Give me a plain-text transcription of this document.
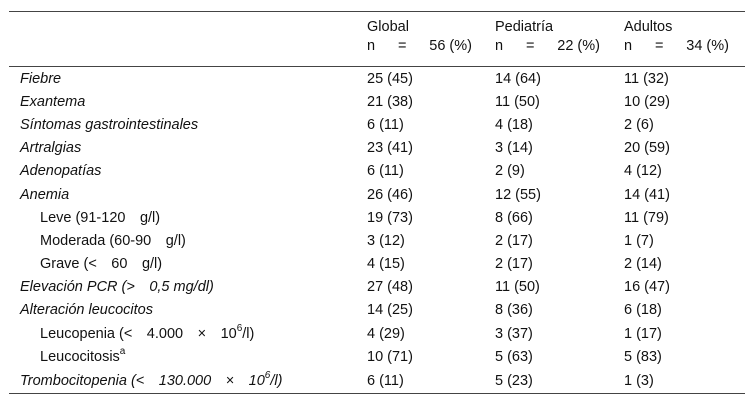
	Global	Pediatría	Adultos

	n = 56 (%)	n = 22 (%)	n = 34 (%)

Fiebre	25 (45)	14 (64)	11 (32)
Exantema	21 (38)	11 (50)	10 (29)
Síntomas gastrointestinales	6 (11)	4 (18)	2 (6)
Artralgias	23 (41)	3 (14)	20 (59)
Adenopatías	6 (11)	2 (9)	4 (12)
Anemia	26 (46)	12 (55)	14 (41)
Leve (91-120 g/l)	19 (73)	8 (66)	11 (79)
Moderada (60-90 g/l)	3 (12)	2 (17)	1 (7)
Grave (< 60 g/l)	4 (15)	2 (17)	2 (14)
Elevación PCR (> 0,5 mg/dl)	27 (48)	11 (50)	16 (47)
Alteración leucocitos	14 (25)	8 (36)	6 (18)
Leucopenia (< 4.000 × $10^6/l$)	4 (29)	3 (37)	1 (17)
Leucocitosis$^a$	10 (71)	5 (63)	5 (83)
Trombocitopenia (< 130.000 × $10^6/l$)	6 (11)	5 (23)	1 (3)
